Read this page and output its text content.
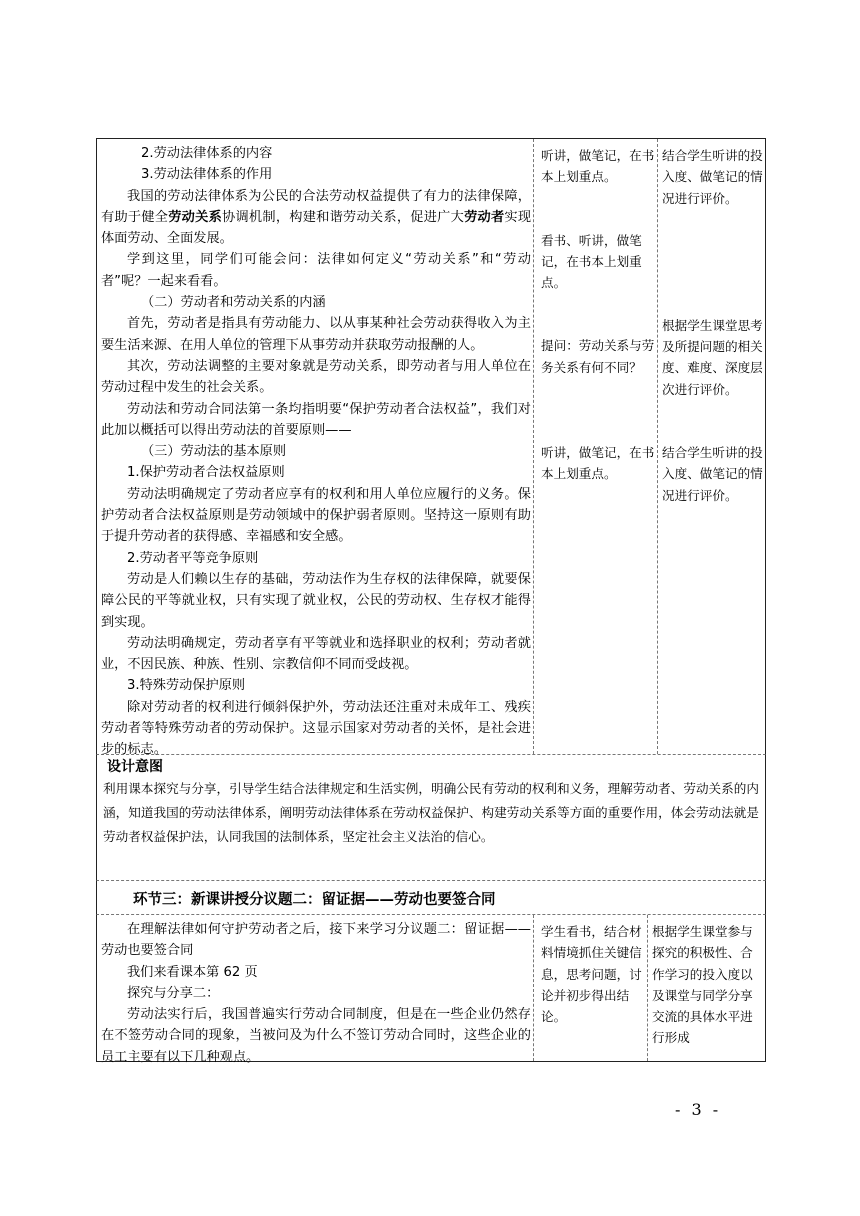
2.劳动法律体系的内容

3.劳动法律体系的作用

我国的劳动法律体系为公民的合法劳动权益提供了有力的法律保障，有助于健全劳动关系协调机制，构建和谐劳动关系，促进广大劳动者实现体面劳动、全面发展。

学到这里，同学们可能会问：法律如何定义“劳动关系”和“劳动者”呢？一起来看看。

（二）劳动者和劳动关系的内涵

首先，劳动者是指具有劳动能力、以从事某种社会劳动获得收入为主要生活来源、在用人单位的管理下从事劳动并获取劳动报酬的人。

其次，劳动法调整的主要对象就是劳动关系，即劳动者与用人单位在劳动过程中发生的社会关系。

劳动法和劳动合同法第一条均指明要“保护劳动者合法权益”，我们对此加以概括可以得出劳动法的首要原则——

（三）劳动法的基本原则

1.保护劳动者合法权益原则

劳动法明确规定了劳动者应享有的权利和用人单位应履行的义务。保护劳动者合法权益原则是劳动领域中的保护弱者原则。坚持这一原则有助于提升劳动者的获得感、幸福感和安全感。

2.劳动者平等竞争原则

劳动是人们赖以生存的基础，劳动法作为生存权的法律保障，就要保障公民的平等就业权，只有实现了就业权，公民的劳动权、生存权才能得到实现。

劳动法明确规定，劳动者享有平等就业和选择职业的权利；劳动者就业，不因民族、种族、性别、宗教信仰不同而受歧视。

3.特殊劳动保护原则

除对劳动者的权利进行倾斜保护外，劳动法还注重对未成年工、残疾劳动者等特殊劳动者的劳动保护。这显示国家对劳动者的关怀，是社会进步的标志。

听讲，做笔记，在书本上划重点。

看书、听讲，做笔记，在书本上划重点。

提问：劳动关系与劳务关系有何不同？

听讲，做笔记，在书本上划重点。

结合学生听讲的投入度、做笔记的情况进行评价。

根据学生课堂思考及所提问题的相关度、难度、深度层次进行评价。

结合学生听讲的投入度、做笔记的情况进行评价。

设计意图

利用课本探究与分享，引导学生结合法律规定和生活实例，明确公民有劳动的权利和义务，理解劳动者、劳动关系的内涵，知道我国的劳动法律体系，阐明劳动法律体系在劳动权益保护、构建劳动关系等方面的重要作用，体会劳动法就是劳动者权益保护法，认同我国的法制体系，坚定社会主义法治的信心。

环节三：新课讲授分议题二：留证据——劳动也要签合同

在理解法律如何守护劳动者之后，接下来学习分议题二：留证据——劳动也要签合同

我们来看课本第 62 页

探究与分享二：

劳动法实行后，我国普遍实行劳动合同制度，但是在一些企业仍然存在不签劳动合同的现象，当被问及为什么不签订劳动合同时，这些企业的员工主要有以下几种观点。

学生看书，结合材料情境抓住关键信息，思考问题，讨论并初步得出结论。

根据学生课堂参与探究的积极性、合作学习的投入度以及课堂与同学分享交流的具体水平进行形成

- 3 -
